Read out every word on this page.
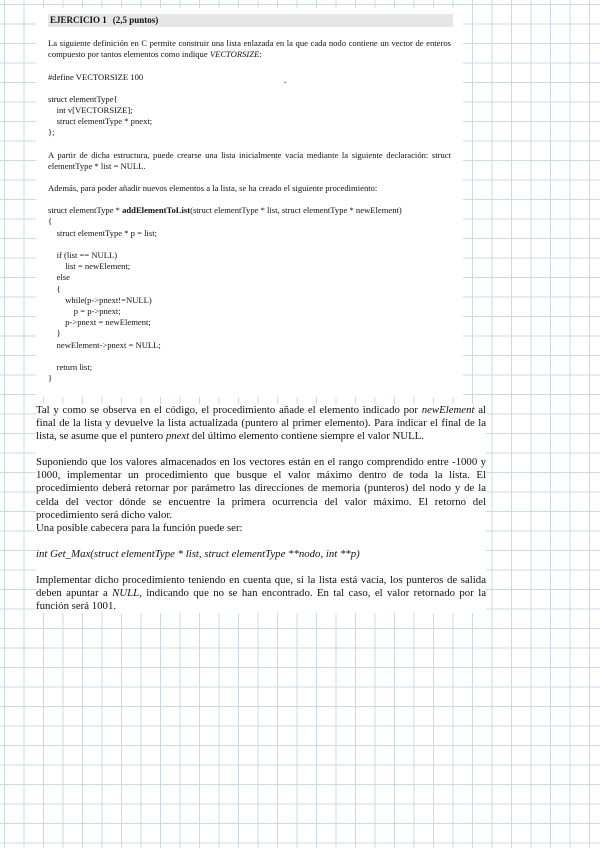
EJERCICIO 1 (2,5 puntos)

La siguiente definición en C permite construir una lista enlazada en la que cada nodo contiene un vector de enteros compuesto por tantos elementos como indique VECTORSIZE:

#define VECTORSIZE 100	.
struct elementType{
int v[VECTORSIZE];
struct elementType * pnext;
};

A partir de dicha estructura, puede crearse una lista inicialmente vacía mediante la siguiente declaración: struct elementType * list = NULL.

Además, para poder añadir nuevos elementos a la lista, se ha creado el siguiente procedimiento:

struct elementType * addElementToList(struct elementType * list, struct elementType * newElement)

{
struct elementType * p = list;

if (list == NULL)
list = newElement;
else
{
while(p->pnext!=NULL)
p = p->pnext;
p->pnext = newElement;
}
newElement->pnext = NULL;

return list;
}

Tal y como se observa en el código, el procedimiento añade el elemento indicado por newElement al final de la lista y devuelve la lista actualizada (puntero al primer elemento). Para indicar el final de la lista, se asume que el puntero pnext del último elemento contiene siempre el valor NULL.

Suponiendo que los valores almacenados en los vectores están en el rango comprendido entre -1000 y 1000, implementar un procedimiento que busque el valor máximo dentro de toda la lista. El procedimiento deberá retornar por parámetro las direcciones de memoria (punteros) del nodo y de la celda del vector dónde se encuentre la primera ocurrencia del valor máximo. El retorno del procedimiento será dicho valor.

Una posible cabecera para la función puede ser:

int Get_Max(struct elementType * list, struct elementType **nodo, int **p)

Implementar dicho procedimiento teniendo en cuenta que, si la lista está vacía, los punteros de salida deben apuntar a NULL, indicando que no se han encontrado. En tal caso, el valor retornado por la función será 1001.
